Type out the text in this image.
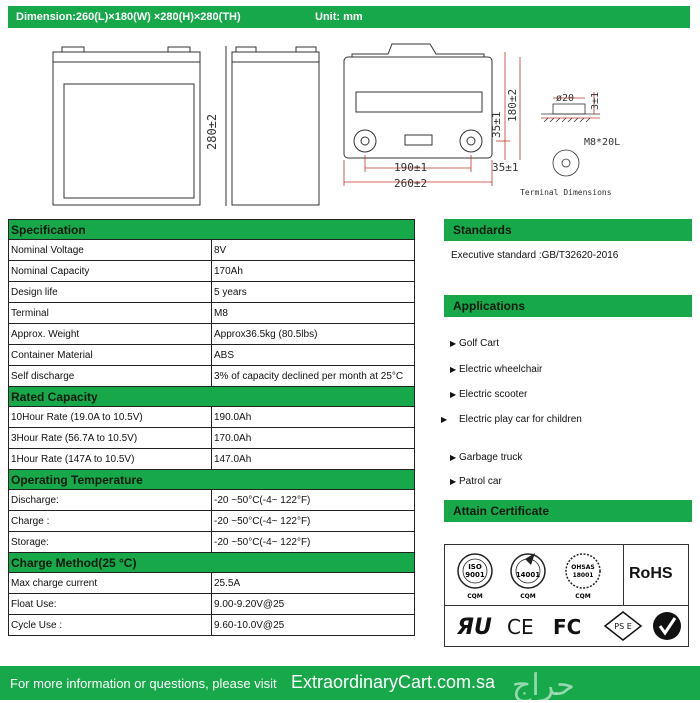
Dimension:260(L)×180(W) ×280(H)×280(TH)	Unit: mm
280±2
190±1
260±2
35±1
35±1
180±2	ø20 3±1
M8*20L
Terminal Dimensions
Specification	
Nominal Voltage	8V
Nominal Capacity	170Ah
Design life	5 years
Terminal	M8
Approx. Weight	Approx36.5kg (80.5lbs)
Container Material	ABS
Self discharge	3% of capacity declined per month at 25°C
Rated Capacity	
10Hour Rate (19.0A to 10.5V)	190.0Ah
3Hour Rate (56.7A to 10.5V)	170.0Ah
1Hour Rate (147A to 10.5V)	147.0Ah
Operating Temperature	
Discharge:	-20 ~50°C(-4~ 122°F)
Charge :	-20 ~50°C(-4~ 122°F)
Storage:	-20 ~50°C(-4~ 122°F)
Charge Method(25 °C)	
Max charge current	25.5A
Float Use:	9.00-9.20V@25
Cycle Use :	9.60-10.0V@25
Standards
Executive standard :GB/T32620-2016
Applications
▶ Golf Cart
▶ Electric wheelchair
▶ Electric scooter
▶ Electric play car for children
▶ Garbage truck
▶ Patrol car
Attain Certificate
ISO
9001
CQM
14001
CQM
OHSAS
18001
CQM
RoHS
ЯU CE FC	PS E
For more information or questions, please visit ExtraordinaryCart.com.sa حراج
